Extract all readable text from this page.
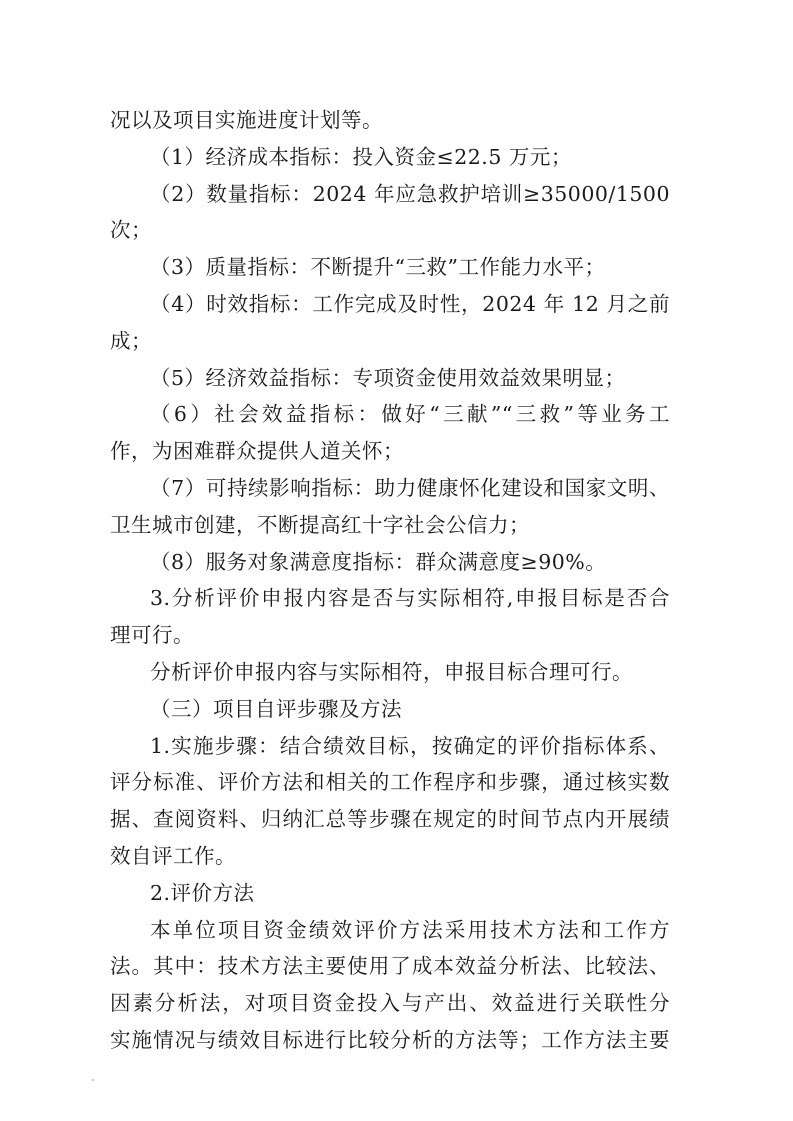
况以及项目实施进度计划等。
（1）经济成本指标：投入资金≤22.5 万元；
（2）数量指标：2024 年应急救护培训≥35000/1500
次；
（3）质量指标：不断提升“三救”工作能力水平；
（4）时效指标：工作完成及时性，2024 年 12 月之前
成；
（5）经济效益指标：专项资金使用效益效果明显；
（6）社会效益指标：做好“三献”“三救”等业务工
作，为困难群众提供人道关怀；
（7）可持续影响指标：助力健康怀化建设和国家文明、
卫生城市创建，不断提高红十字社会公信力；
（8）服务对象满意度指标：群众满意度≥90%。
3.分析评价申报内容是否与实际相符,申报目标是否合
理可行。
分析评价申报内容与实际相符，申报目标合理可行。
（三）项目自评步骤及方法
1.实施步骤：结合绩效目标，按确定的评价指标体系、
评分标准、评价方法和相关的工作程序和步骤，通过核实数
据、查阅资料、归纳汇总等步骤在规定的时间节点内开展绩
效自评工作。
2.评价方法
本单位项目资金绩效评价方法采用技术方法和工作方
法。其中：技术方法主要使用了成本效益分析法、比较法、
因素分析法，对项目资金投入与产出、效益进行关联性分
实施情况与绩效目标进行比较分析的方法等；工作方法主要
